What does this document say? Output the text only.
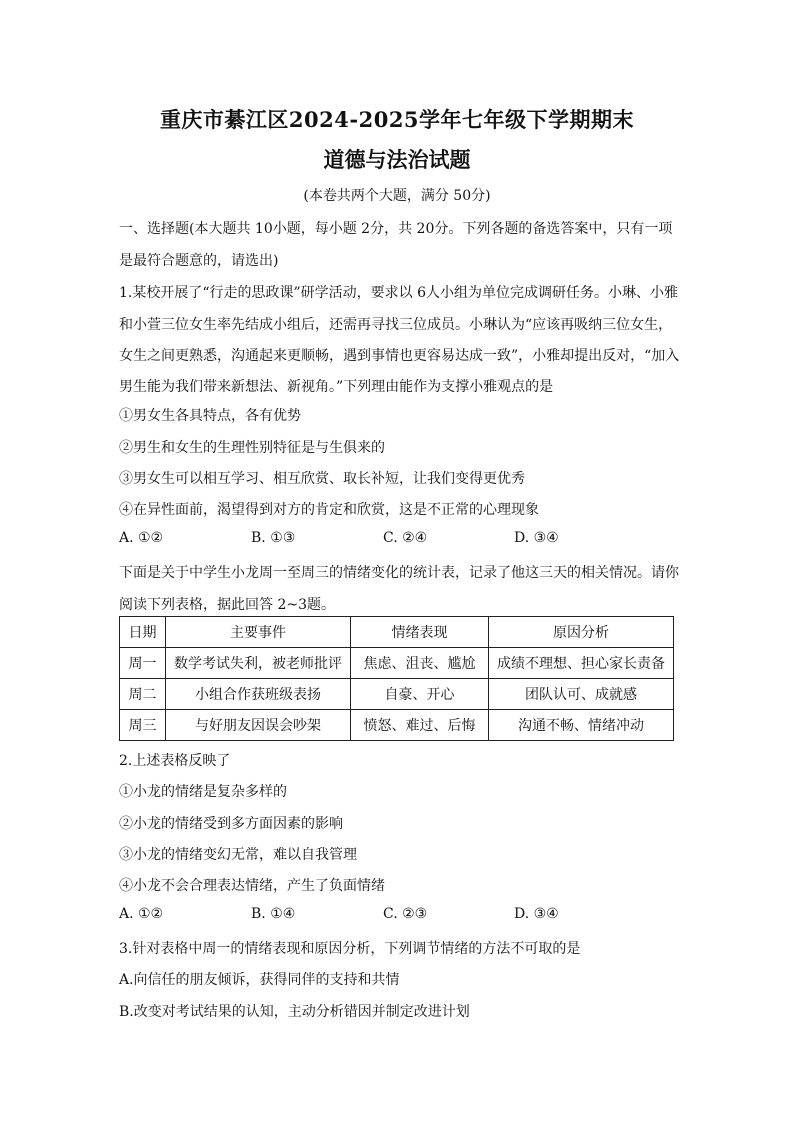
重庆市綦江区2024-2025学年七年级下学期期末
道德与法治试题
(本卷共两个大题，满分 50分)
一、选择题(本大题共 10小题，每小题 2分，共 20分。下列各题的备选答案中，只有一项
是最符合题意的，请选出)
1.某校开展了“行走的思政课”研学活动，要求以 6人小组为单位完成调研任务。小琳、小雅
和小萱三位女生率先结成小组后，还需再寻找三位成员。小琳认为“应该再吸纳三位女生，
女生之间更熟悉，沟通起来更顺畅，遇到事情也更容易达成一致”，小雅却提出反对，“加入
男生能为我们带来新想法、新视角。”下列理由能作为支撑小雅观点的是
①男女生各具特点，各有优势
②男生和女生的生理性别特征是与生俱来的
③男女生可以相互学习、相互欣赏、取长补短，让我们变得更优秀
④在异性面前，渴望得到对方的肯定和欣赏，这是不正常的心理现象
A. ①②	B. ①③	C. ②④	D. ③④
下面是关于中学生小龙周一至周三的情绪变化的统计表，记录了他这三天的相关情况。请你
阅读下列表格，据此回答 2~3题。
日期	主要事件	情绪表现	原因分析
周一	数学考试失利，被老师批评	焦虑、沮丧、尴尬	成绩不理想、担心家长责备
周二	小组合作获班级表扬	自豪、开心	团队认可、成就感
周三	与好朋友因误会吵架	愤怒、难过、后悔	沟通不畅、情绪冲动
2.上述表格反映了
①小龙的情绪是复杂多样的
②小龙的情绪受到多方面因素的影响
③小龙的情绪变幻无常，难以自我管理
④小龙不会合理表达情绪，产生了负面情绪
A. ①②	B. ①④	C. ②③	D. ③④
3.针对表格中周一的情绪表现和原因分析，下列调节情绪的方法不可取的是
A.向信任的朋友倾诉，获得同伴的支持和共情
B.改变对考试结果的认知，主动分析错因并制定改进计划
